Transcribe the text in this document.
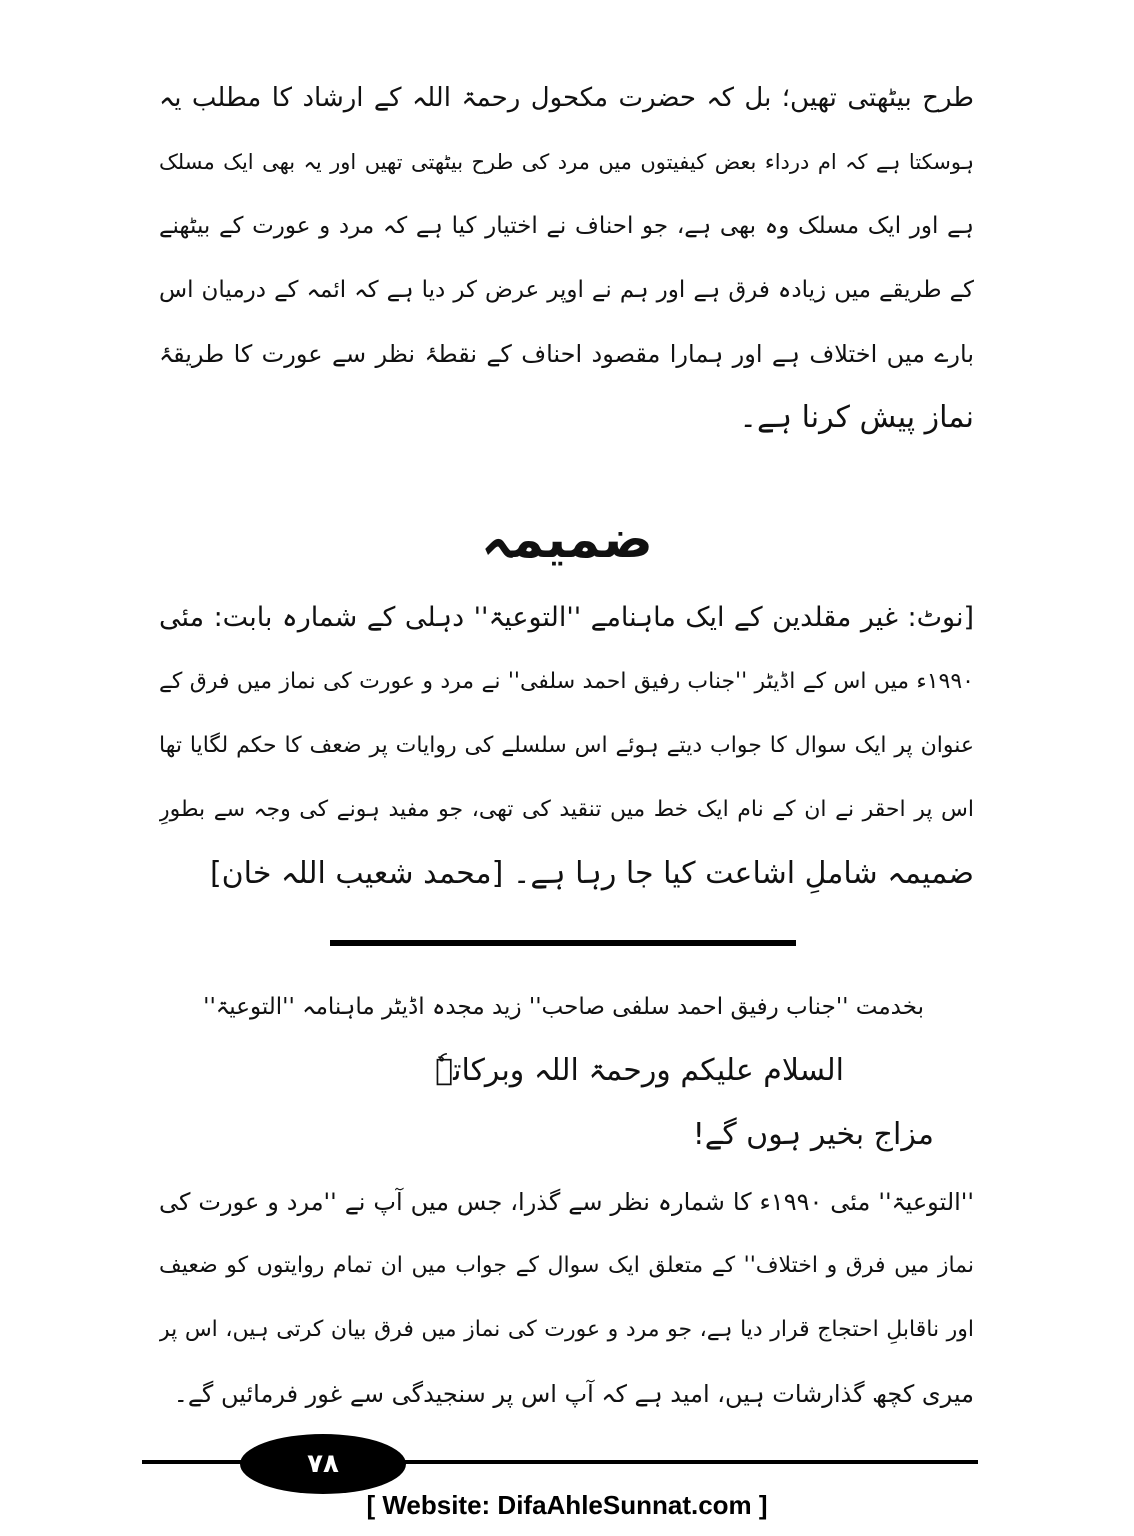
طرح بیٹھتی تھیں؛ بل کہ حضرت مکحول رحمۃ اللہ کے ارشاد کا مطلب یہ
ہوسکتا ہے کہ ام درداء بعض کیفیتوں میں مرد کی طرح بیٹھتی تھیں اور یہ بھی ایک مسلک
ہے اور ایک مسلک وہ بھی ہے، جو احناف نے اختیار کیا ہے کہ مرد و عورت کے بیٹھنے
کے طریقے میں زیادہ فرق ہے اور ہم نے اوپر عرض کر دیا ہے کہ ائمہ کے درمیان اس
بارے میں اختلاف ہے اور ہمارا مقصود احناف کے نقطۂ نظر سے عورت کا طریقۂ
نماز پیش کرنا ہے۔
ضمیمہ
[نوٹ: غیر مقلدین کے ایک ماہنامے ''التوعیۃ'' دہلی کے شمارہ بابت: مئی
۱۹۹۰ء میں اس کے اڈیٹر ''جناب رفیق احمد سلفی'' نے مرد و عورت کی نماز میں فرق کے
عنوان پر ایک سوال کا جواب دیتے ہوئے اس سلسلے کی روایات پر ضعف کا حکم لگایا تھا
اس پر احقر نے ان کے نام ایک خط میں تنقید کی تھی، جو مفید ہونے کی وجہ سے بطورِ
ضمیمہ شاملِ اشاعت کیا جا رہا ہے۔ [محمد شعیب اللہ خان]
بخدمت ''جناب رفیق احمد سلفی صاحب'' زید مجدہ اڈیٹر ماہنامہ ''التوعیۃ''
السلام علیکم ورحمۃ اللہ وبرکاتہٗ
مزاج بخیر ہوں گے!
''التوعیۃ'' مئی ۱۹۹۰ء کا شمارہ نظر سے گذرا، جس میں آپ نے ''مرد و عورت کی
نماز میں فرق و اختلاف'' کے متعلق ایک سوال کے جواب میں ان تمام روایتوں کو ضعیف
اور ناقابلِ احتجاج قرار دیا ہے، جو مرد و عورت کی نماز میں فرق بیان کرتی ہیں، اس پر
میری کچھ گذارشات ہیں، امید ہے کہ آپ اس پر سنجیدگی سے غور فرمائیں گے۔
۷۸
[ Website: DifaAhleSunnat.com ]
